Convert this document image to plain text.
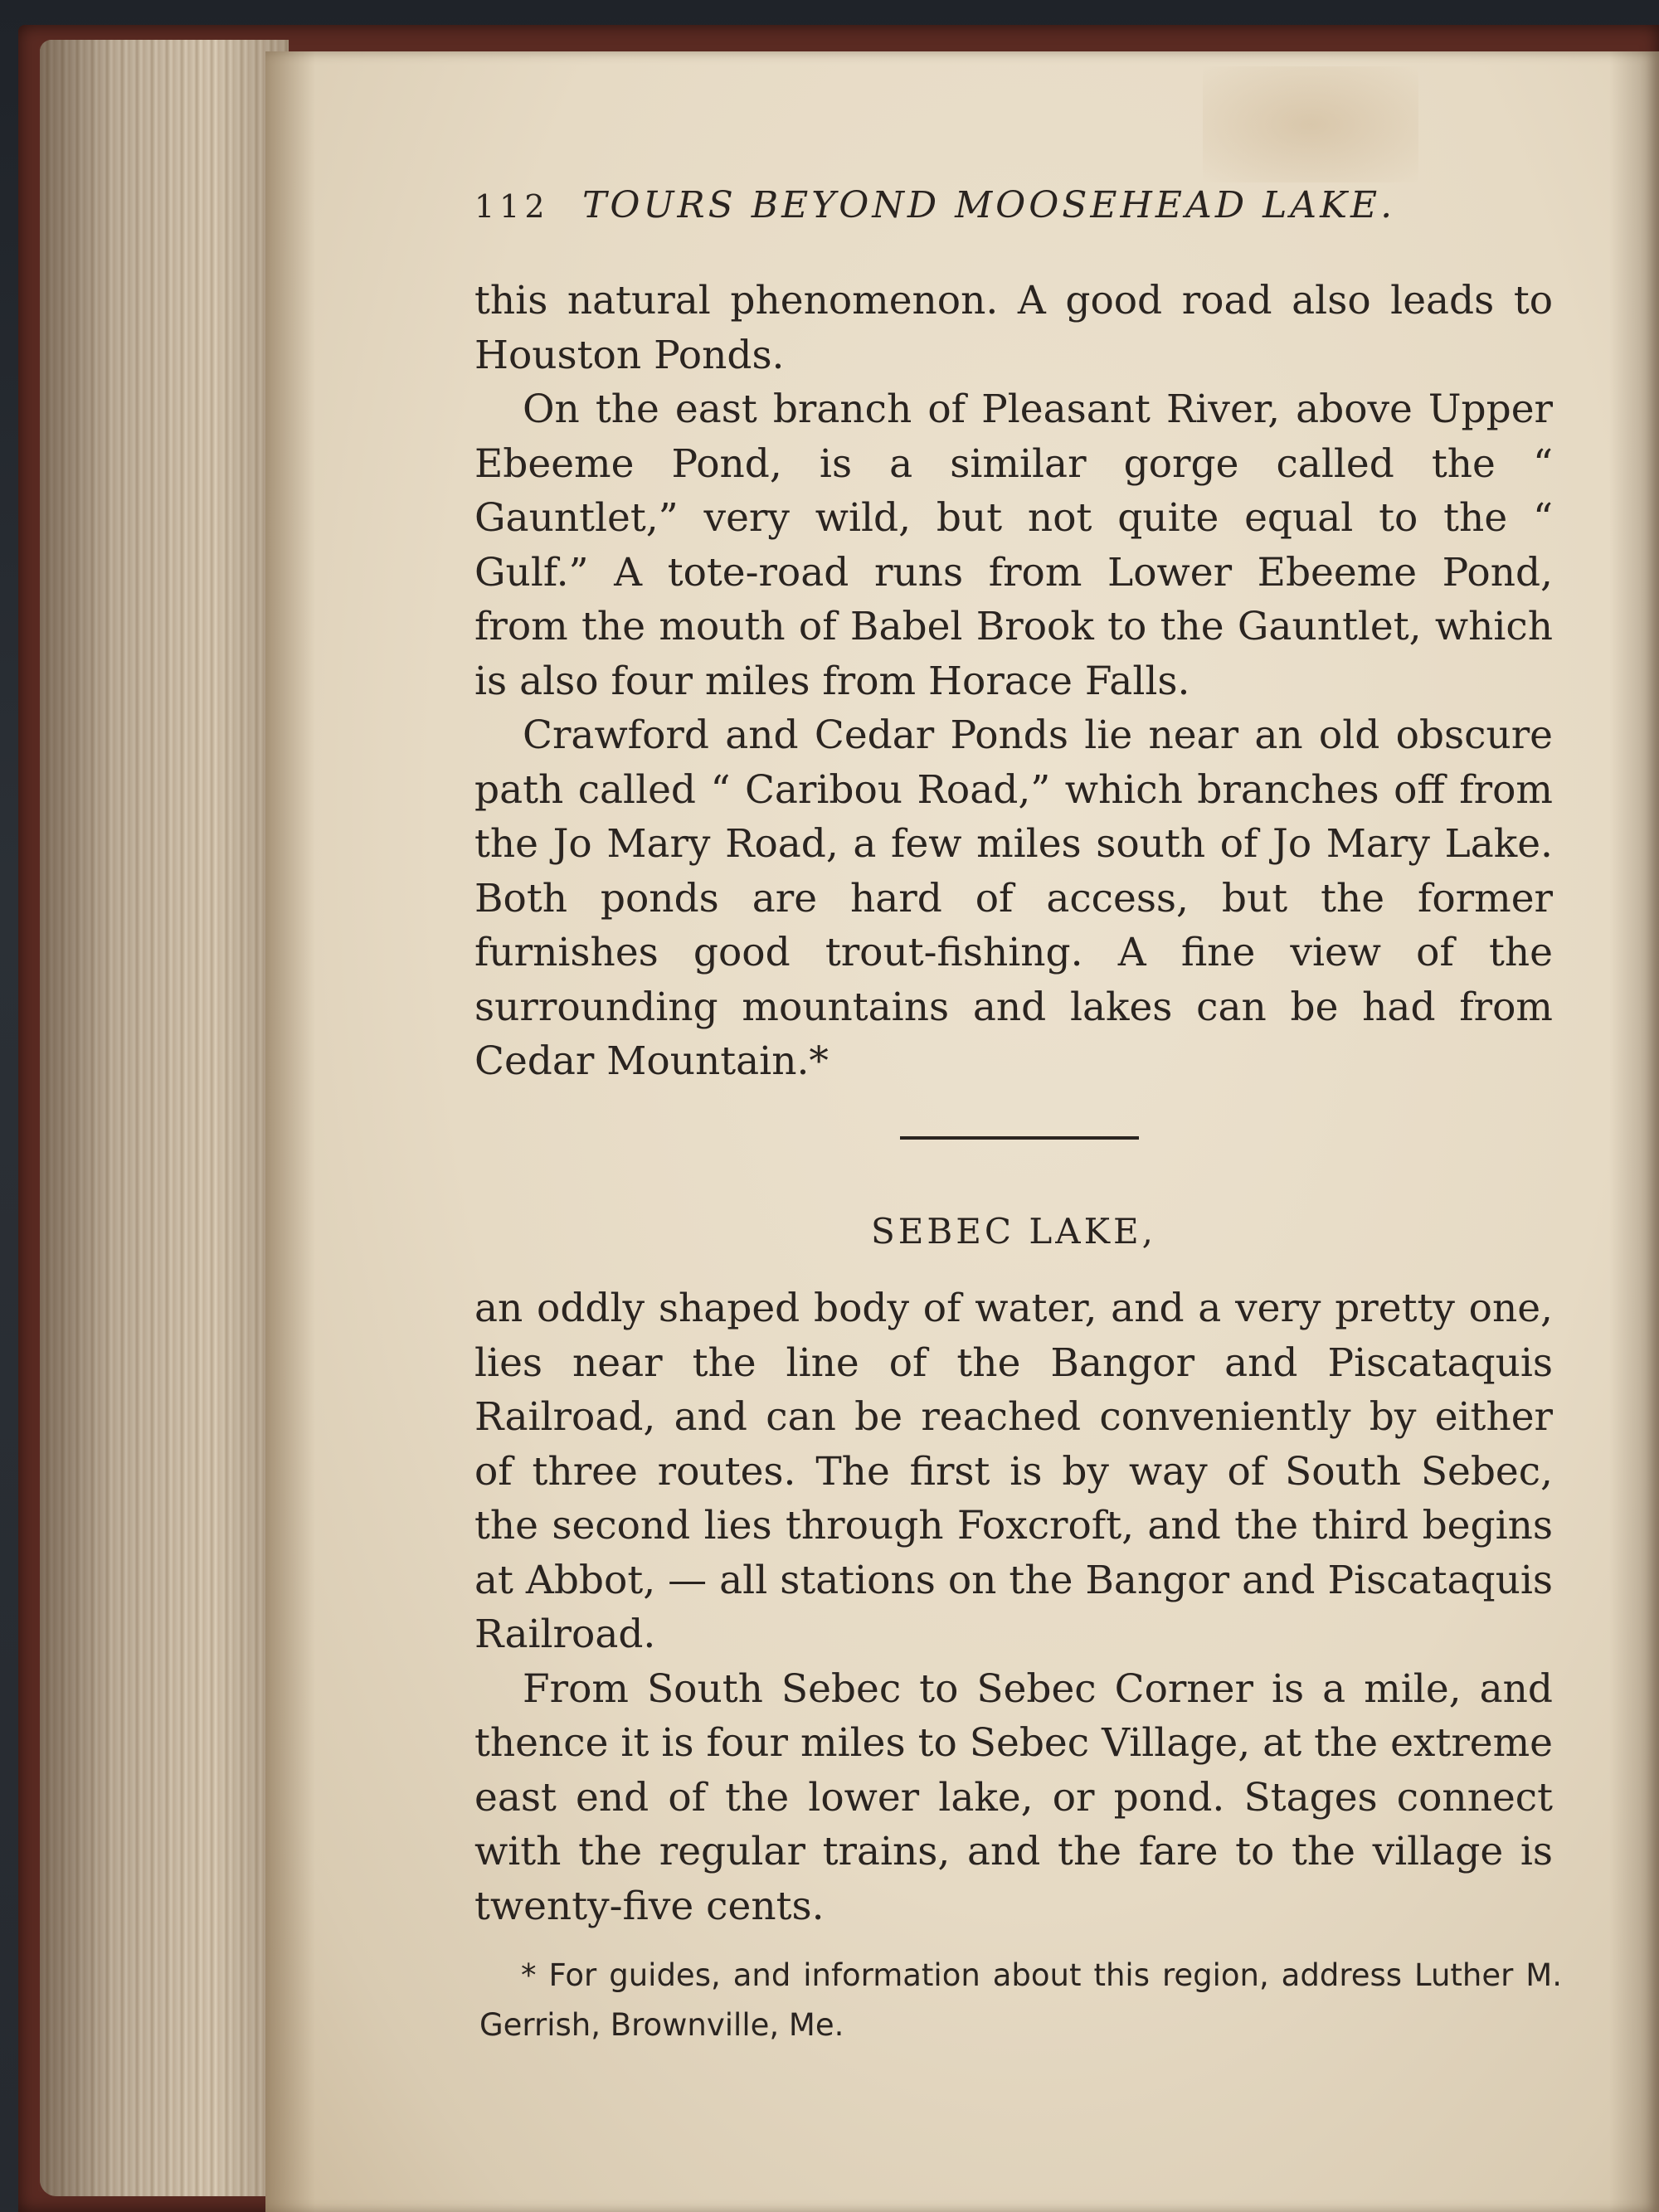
112 TOURS BEYOND MOOSEHEAD LAKE.

this natural phenomenon. A good road also leads to Houston Ponds.

On the east branch of Pleasant River, above Upper Ebeeme Pond, is a similar gorge called the “ Gauntlet,” very wild, but not quite equal to the “ Gulf.” A tote-road runs from Lower Ebeeme Pond, from the mouth of Babel Brook to the Gauntlet, which is also four miles from Horace Falls.

Crawford and Cedar Ponds lie near an old obscure path called “ Caribou Road,” which branches off from the Jo Mary Road, a few miles south of Jo Mary Lake. Both ponds are hard of access, but the former furnishes good trout-fishing. A fine view of the surrounding mountains and lakes can be had from Cedar Mountain.*

SEBEC LAKE,

an oddly shaped body of water, and a very pretty one, lies near the line of the Bangor and Piscataquis Railroad, and can be reached conveniently by either of three routes. The first is by way of South Sebec, the second lies through Foxcroft, and the third begins at Abbot, — all stations on the Bangor and Piscataquis Railroad.

From South Sebec to Sebec Corner is a mile, and thence it is four miles to Sebec Village, at the extreme east end of the lower lake, or pond. Stages connect with the regular trains, and the fare to the village is twenty-five cents.

* For guides, and information about this region, address Luther M. Gerrish, Brownville, Me.
